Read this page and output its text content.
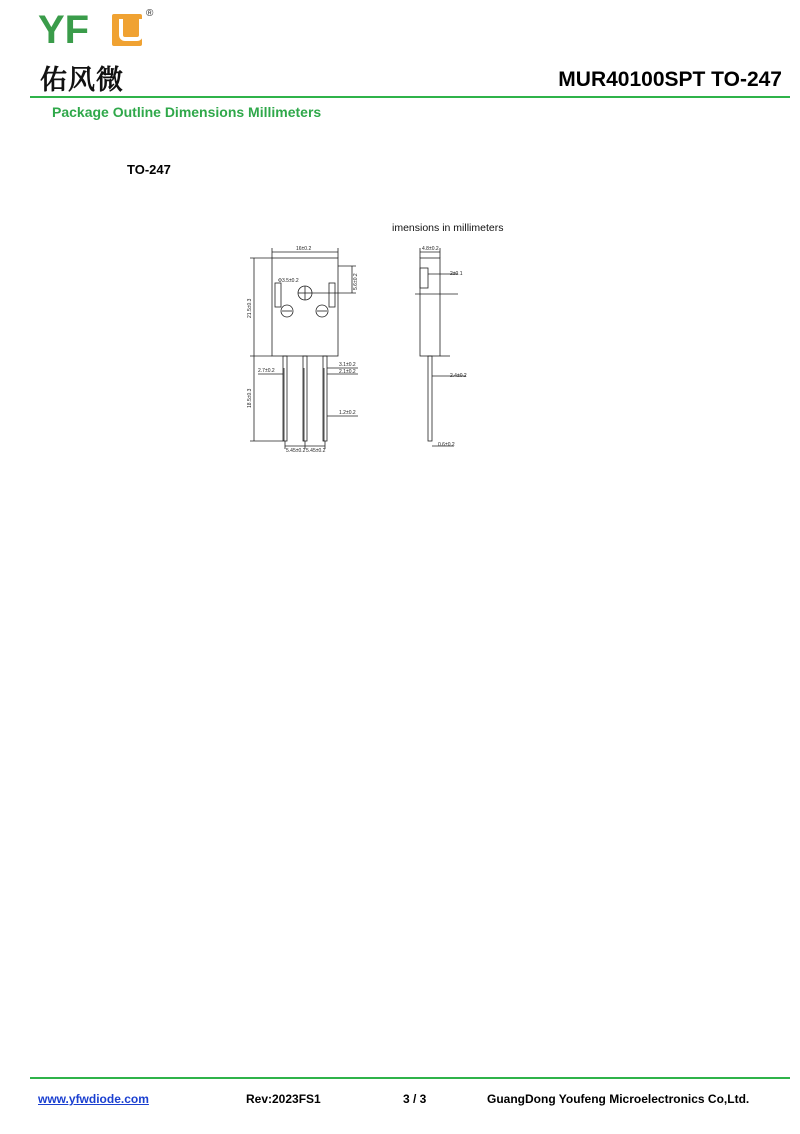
YF	®
佑风微	MUR40100SPT TO-247
Package Outline Dimensions Millimeters
TO-247
imensions in millimeters
16±0.2
21.5±0.3
18.5±0.3
5.6±0.2
Φ3.5±0.2
2.7±0.2
3.1±0.2
2.1±0.2
1.2±0.2
5.45±0.2 5.45±0.2
4.8±0.2
2±0.1
2.4±0.2
0.6±0.2
www.yfwdiode.com	Rev:2023FS1	3 / 3	GuangDong Youfeng Microelectronics Co,Ltd.
